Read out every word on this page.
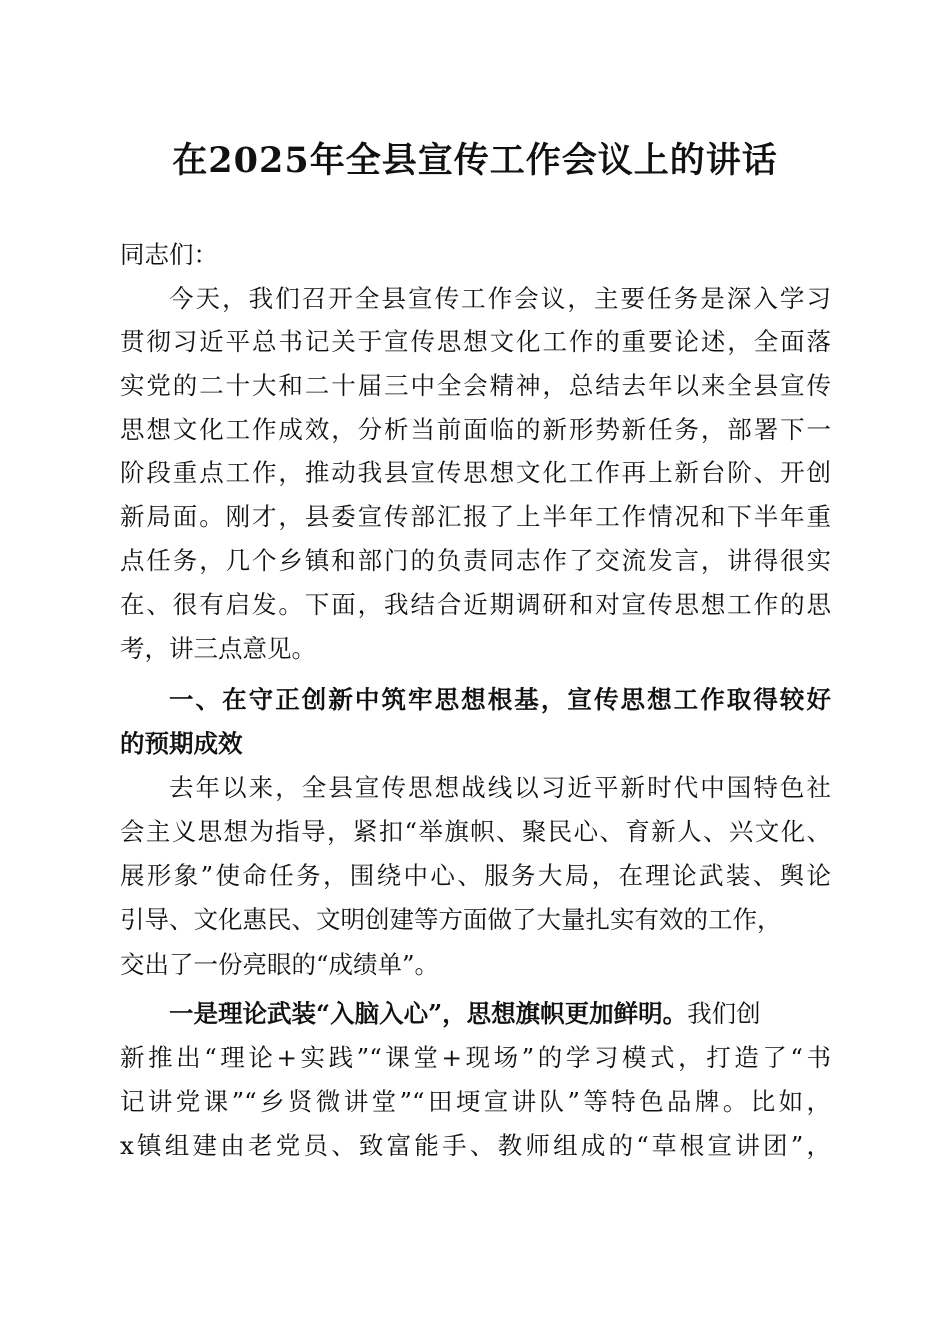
在2025年全县宣传工作会议上的讲话
同志们：
今天，我们召开全县宣传工作会议，主要任务是深入学习
贯彻习近平总书记关于宣传思想文化工作的重要论述，全面落
实党的二十大和二十届三中全会精神，总结去年以来全县宣传
思想文化工作成效，分析当前面临的新形势新任务，部署下一
阶段重点工作，推动我县宣传思想文化工作再上新台阶、开创
新局面。刚才，县委宣传部汇报了上半年工作情况和下半年重
点任务，几个乡镇和部门的负责同志作了交流发言，讲得很实
在、很有启发。下面，我结合近期调研和对宣传思想工作的思
考，讲三点意见。
一、在守正创新中筑牢思想根基，宣传思想工作取得较好
的预期成效
去年以来，全县宣传思想战线以习近平新时代中国特色社
会主义思想为指导，紧扣“举旗帜、聚民心、育新人、兴文化、
展形象”使命任务，围绕中心、服务大局，在理论武装、舆论
引导、文化惠民、文明创建等方面做了大量扎实有效的工作，
交出了一份亮眼的“成绩单”。
一是理论武装“入脑入心”，思想旗帜更加鲜明。我们创
新推出“理论+实践”“课堂+现场”的学习模式，打造了“书
记讲党课”“乡贤微讲堂”“田埂宣讲队”等特色品牌。比如，
x镇组建由老党员、致富能手、教师组成的“草根宣讲团”，
